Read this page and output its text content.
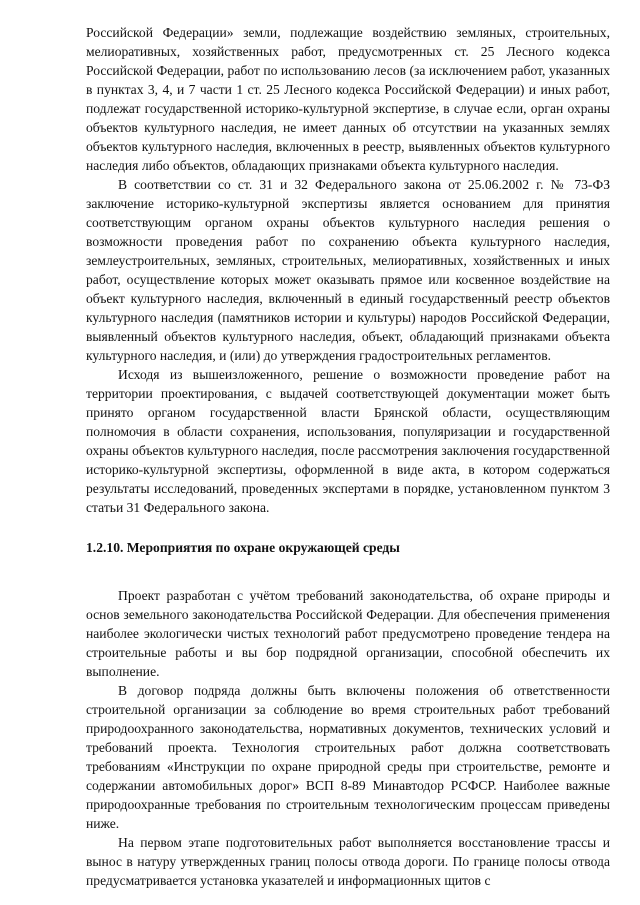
Российской Федерации» земли, подлежащие воздействию земляных, строительных, мелиоративных, хозяйственных работ, предусмотренных ст. 25 Лесного кодекса Российской Федерации, работ по использованию лесов (за исключением работ, указанных в пунктах 3, 4, и 7 части 1 ст. 25 Лесного кодекса Российской Федерации) и иных работ, подлежат государственной историко-культурной экспертизе, в случае если, орган охраны объектов культурного наследия, не имеет данных об отсутствии на указанных землях объектов культурного наследия, включенных в реестр, выявленных объектов культурного наследия либо объектов, обладающих признаками объекта культурного наследия.

В соответствии со ст. 31 и 32 Федерального закона от 25.06.2002 г. № 73-ФЗ заключение историко-культурной экспертизы является основанием для принятия соответствующим органом охраны объектов культурного наследия решения о возможности проведения работ по сохранению объекта культурного наследия, землеустроительных, земляных, строительных, мелиоративных, хозяйственных и иных работ, осуществление которых может оказывать прямое или косвенное воздействие на объект культурного наследия, включенный в единый государственный реестр объектов культурного наследия (памятников истории и культуры) народов Российской Федерации, выявленный объектов культурного наследия, объект, обладающий признаками объекта культурного наследия, и (или) до утверждения градостроительных регламентов.

Исходя из вышеизложенного, решение о возможности проведение работ на территории проектирования, с выдачей соответствующей документации может быть принято органом государственной власти Брянской области, осуществляющим полномочия в области сохранения, использования, популяризации и государственной охраны объектов культурного наследия, после рассмотрения заключения государственной историко-культурной экспертизы, оформленной в виде акта, в котором содержаться результаты исследований, проведенных экспертами в порядке, установленном пунктом 3 статьи 31 Федерального закона.

1.2.10. Мероприятия по охране окружающей среды

Проект разработан с учётом требований законодательства, об охране природы и основ земельного законодательства Российской Федерации. Для обеспечения применения наиболее экологически чистых технологий работ предусмотрено проведение тендера на строительные работы и вы бор подрядной организации, способной обеспечить их выполнение.

В договор подряда должны быть включены положения об ответственности строительной организации за соблюдение во время строительных работ требований природоохранного законодательства, нормативных документов, технических условий и требований проекта. Технология строительных работ должна соответствовать требованиям «Инструкции по охране природной среды при строительстве, ремонте и содержании автомобильных дорог» ВСП 8-89 Минавтодор РСФСР. Наиболее важные природоохранные требования по строительным технологическим процессам приведены ниже.

На первом этапе подготовительных работ выполняется восстановление трассы и вынос в натуру утвержденных границ полосы отвода дороги. По границе полосы отвода предусматривается установка указателей и информационных щитов с
